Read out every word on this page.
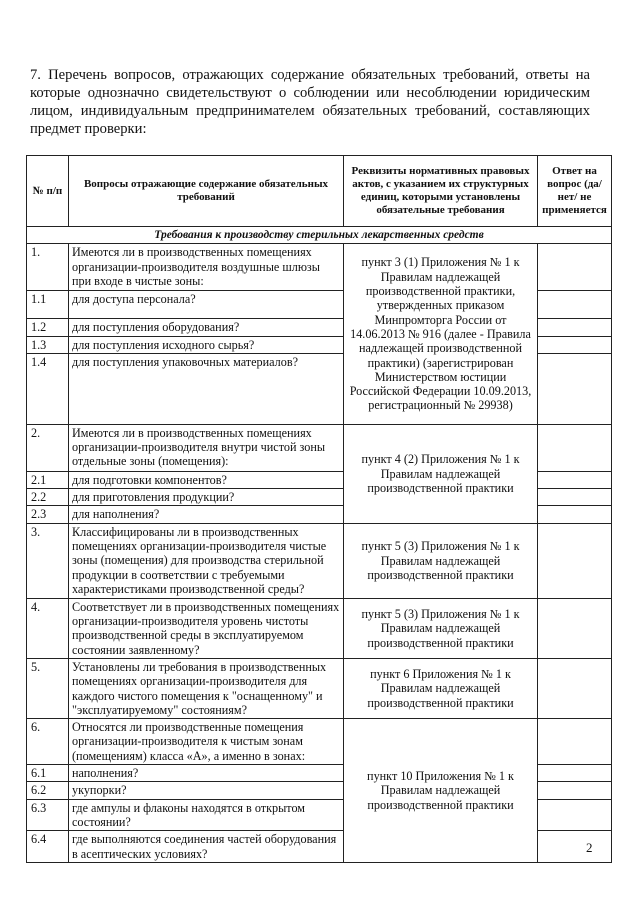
7. Перечень вопросов, отражающих содержание обязательных требований, ответы на которые однозначно свидетельствуют о соблюдении или несоблюдении юридическим лицом, индивидуальным предпринимателем обязательных требований, составляющих предмет проверки:
№ п/п	Вопросы отражающие содержание обязательных требований	Реквизиты нормативных правовых актов, с указанием их структурных единиц, которыми установлены обязательные требования	Ответ на вопрос (да/нет/ не применяется
Требования к производству стерильных лекарственных средств			
1.	Имеются ли в производственных помещениях организации-производителя воздушные шлюзы при входе в чистые зоны:	пункт 3 (1) Приложения № 1 к Правилам надлежащей производственной практики, утвержденных приказом Минпромторга России от 14.06.2013 № 916 (далее - Правила надлежащей производственной практики) (зарегистрирован Министерством юстиции Российской Федерации 10.09.2013, регистрационный № 29938)	
1.1	для доступа персонала?		
1.2	для поступления оборудования?		
1.3	для поступления исходного сырья?		
1.4	для поступления упаковочных материалов?		
2.	Имеются ли в производственных помещениях организации-производителя внутри чистой зоны отдельные зоны (помещения):	пункт 4 (2) Приложения № 1 к Правилам надлежащей производственной практики	
2.1	для подготовки компонентов?		
2.2	для приготовления продукции?		
2.3	для наполнения?		
3.	Классифицированы ли в производственных помещениях организации-производителя чистые зоны (помещения) для производства стерильной продукции в соответствии с требуемыми характеристиками производственной среды?	пункт 5 (3) Приложения № 1 к Правилам надлежащей производственной практики	
4.	Соответствует ли в производственных помещениях организации-производителя уровень чистоты производственной среды в эксплуатируемом состоянии заявленному?	пункт 5 (3) Приложения № 1 к Правилам надлежащей производственной практики	
5.	Установлены ли требования в производственных помещениях организации-производителя для каждого чистого помещения к "оснащенному" и "эксплуатируемому" состояниям?	пункт 6 Приложения № 1 к Правилам надлежащей производственной практики	
6.	Относятся ли производственные помещения организации-производителя к чистым зонам (помещениям) класса «А», а именно в зонах:	пункт 10 Приложения № 1 к Правилам надлежащей производственной практики	
6.1	наполнения?		
6.2	укупорки?		
6.3	где ампулы и флаконы находятся в открытом состоянии?		
6.4	где выполняются соединения частей оборудования в асептических условиях?			2
